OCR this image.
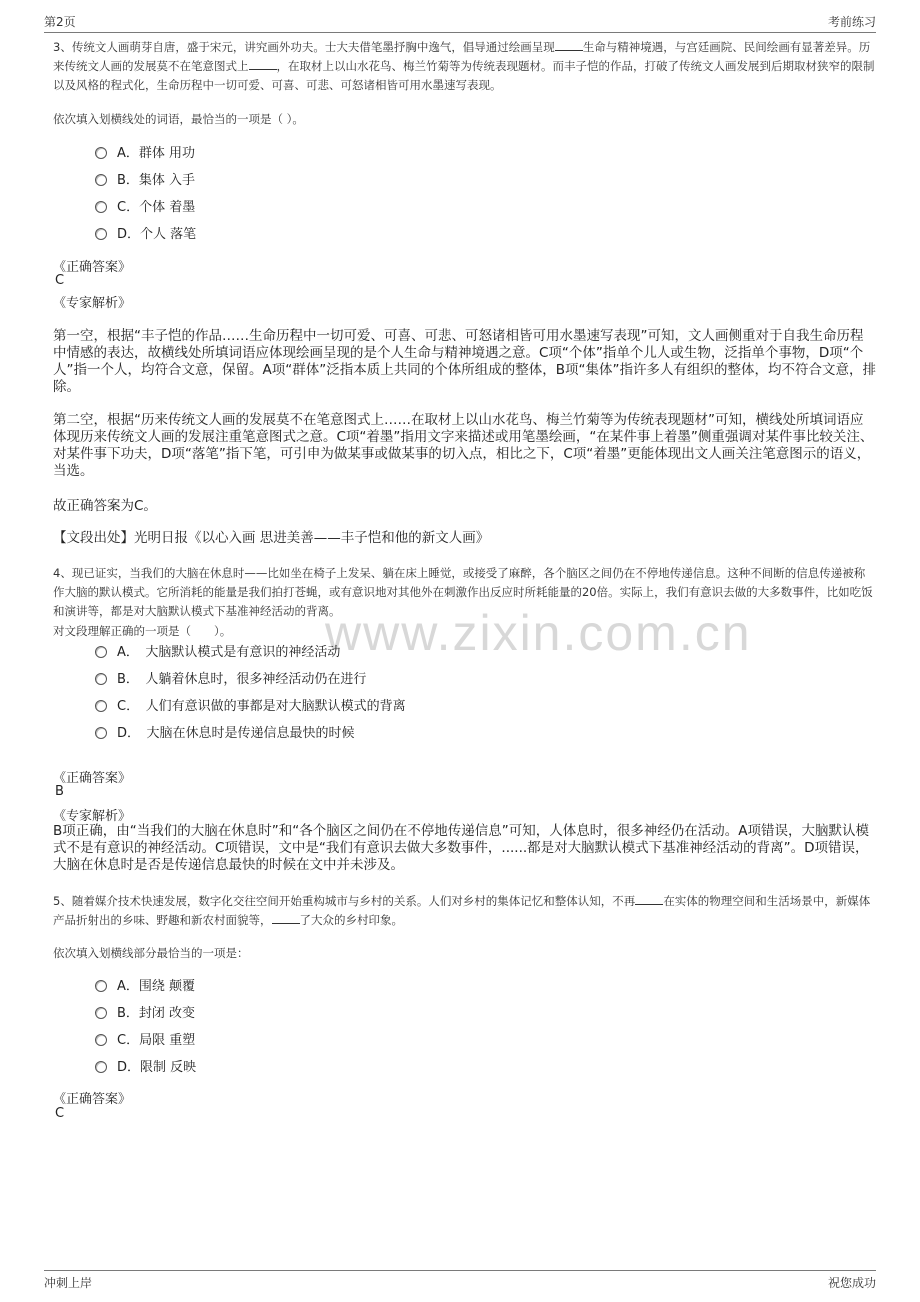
第2页	考前练习
www.zixin.com.cn
3、传统文人画萌芽自唐，盛于宋元，讲究画外功夫。士大夫借笔墨抒胸中逸气，倡导通过绘画呈现 生命与精神境遇，与宫廷画院、民间绘画有显著差异。历来传统文人画的发展莫不在笔意图式上 ，在取材上以山水花鸟、梅兰竹菊等为传统表现题材。而丰子恺的作品，打破了传统文人画发展到后期取材狭窄的限制以及风格的程式化，生命历程中一切可爱、可喜、可悲、可怒诸相皆可用水墨速写表现。
依次填入划横线处的词语，最恰当的一项是（ ）。
A．群体 用功
B．集体 入手
C．个体 着墨
D．个人 落笔
《正确答案》
C
《专家解析》
第一空，根据“丰子恺的作品……生命历程中一切可爱、可喜、可悲、可怒诸相皆可用水墨速写表现”可知，文人画侧重对于自我生命历程中情感的表达，故横线处所填词语应体现绘画呈现的是个人生命与精神境遇之意。C项“个体”指单个儿人或生物，泛指单个事物，D项“个人”指一个人，均符合文意，保留。A项“群体”泛指本质上共同的个体所组成的整体，B项“集体”指许多人有组织的整体，均不符合文意，排除。
第二空，根据“历来传统文人画的发展莫不在笔意图式上……在取材上以山水花鸟、梅兰竹菊等为传统表现题材”可知，横线处所填词语应体现历来传统文人画的发展注重笔意图式之意。C项“着墨”指用文字来描述或用笔墨绘画，“在某件事上着墨”侧重强调对某件事比较关注、对某件事下功夫，D项“落笔”指下笔，可引申为做某事或做某事的切入点，相比之下，C项“着墨”更能体现出文人画关注笔意图示的语义，当选。
故正确答案为C。
【文段出处】光明日报《以心入画 思进美善——丰子恺和他的新文人画》
4、现已证实，当我们的大脑在休息时——比如坐在椅子上发呆、躺在床上睡觉，或接受了麻醉，各个脑区之间仍在不停地传递信息。这种不间断的信息传递被称作大脑的默认模式。它所消耗的能量是我们拍打苍蝇，或有意识地对其他外在刺激作出反应时所耗能量的20倍。实际上，我们有意识去做的大多数事件，比如吃饭和演讲等，都是对大脑默认模式下基准神经活动的背离。
对文段理解正确的一项是（　　）。
A．　大脑默认模式是有意识的神经活动
B．　人躺着休息时，很多神经活动仍在进行
C．　人们有意识做的事都是对大脑默认模式的背离
D．　大脑在休息时是传递信息最快的时候
《正确答案》
B
《专家解析》
B项正确，由“当我们的大脑在休息时”和“各个脑区之间仍在不停地传递信息”可知，人体息时，很多神经仍在活动。A项错误，大脑默认模式不是有意识的神经活动。C项错误，文中是“我们有意识去做大多数事件，......都是对大脑默认模式下基准神经活动的背离”。D项错误，大脑在休息时是否是传递信息最快的时候在文中并未涉及。
5、随着媒介技术快速发展，数字化交往空间开始重构城市与乡村的关系。人们对乡村的集体记忆和整体认知，不再 在实体的物理空间和生活场景中，新媒体产品折射出的乡味、野趣和新农村面貌等， 了大众的乡村印象。
依次填入划横线部分最恰当的一项是：
A．围绕 颠覆
B．封闭 改变
C．局限 重塑
D．限制 反映
《正确答案》
C
冲刺上岸	祝您成功
